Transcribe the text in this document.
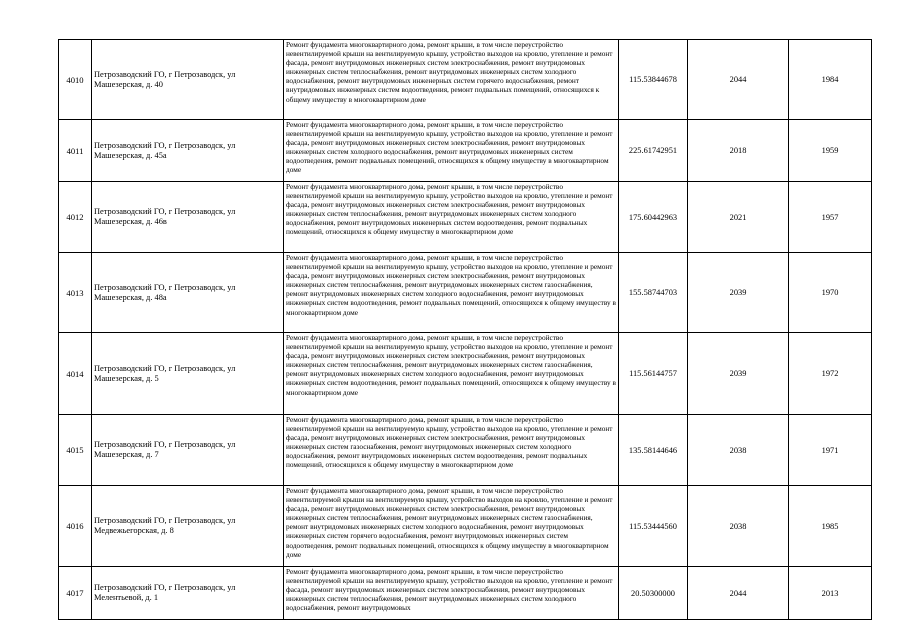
4010	Петрозаводский ГО, г Петрозаводск, ул Машезерская, д. 40	Ремонт фундамента многоквартирного дома, ремонт крыши, в том числе переустройство невентилируемой крыши на вентилируемую крышу, устройство выходов на кровлю, утепление и ремонт фасада, ремонт внутридомовых инженерных систем электроснабжения, ремонт внутридомовых инженерных систем теплоснабжения, ремонт внутридомовых инженерных систем холодного водоснабжения, ремонт внутридомовых инженерных систем горячего водоснабжения, ремонт внутридомовых инженерных систем водоотведения, ремонт подвальных помещений, относящихся к общему имуществу в многоквартирном доме	115.53844678	2044	1984
4011	Петрозаводский ГО, г Петрозаводск, ул Машезерская, д. 45а	Ремонт фундамента многоквартирного дома, ремонт крыши, в том числе переустройство невентилируемой крыши на вентилируемую крышу, устройство выходов на кровлю, утепление и ремонт фасада, ремонт внутридомовых инженерных систем электроснабжения, ремонт внутридомовых инженерных систем холодного водоснабжения, ремонт внутридомовых инженерных систем водоотведения, ремонт подвальных помещений, относящихся к общему имуществу в многоквартирном доме	225.61742951	2018	1959
4012	Петрозаводский ГО, г Петрозаводск, ул Машезерская, д. 46в	Ремонт фундамента многоквартирного дома, ремонт крыши, в том числе переустройство невентилируемой крыши на вентилируемую крышу, устройство выходов на кровлю, утепление и ремонт фасада, ремонт внутридомовых инженерных систем электроснабжения, ремонт внутридомовых инженерных систем теплоснабжения, ремонт внутридомовых инженерных систем холодного водоснабжения, ремонт внутридомовых инженерных систем водоотведения, ремонт подвальных помещений, относящихся к общему имуществу в многоквартирном доме	175.60442963	2021	1957
4013	Петрозаводский ГО, г Петрозаводск, ул Машезерская, д. 48а	Ремонт фундамента многоквартирного дома, ремонт крыши, в том числе переустройство невентилируемой крыши на вентилируемую крышу, устройство выходов на кровлю, утепление и ремонт фасада, ремонт внутридомовых инженерных систем электроснабжения, ремонт внутридомовых инженерных систем теплоснабжения, ремонт внутридомовых инженерных систем газоснабжения, ремонт внутридомовых инженерных систем холодного водоснабжения, ремонт внутридомовых инженерных систем водоотведения, ремонт подвальных помещений, относящихся к общему имуществу в многоквартирном доме	155.58744703	2039	1970
4014	Петрозаводский ГО, г Петрозаводск, ул Машезерская, д. 5	Ремонт фундамента многоквартирного дома, ремонт крыши, в том числе переустройство невентилируемой крыши на вентилируемую крышу, устройство выходов на кровлю, утепление и ремонт фасада, ремонт внутридомовых инженерных систем электроснабжения, ремонт внутридомовых инженерных систем теплоснабжения, ремонт внутридомовых инженерных систем газоснабжения, ремонт внутридомовых инженерных систем холодного водоснабжения, ремонт внутридомовых инженерных систем водоотведения, ремонт подвальных помещений, относящихся к общему имуществу в многоквартирном доме	115.56144757	2039	1972
4015	Петрозаводский ГО, г Петрозаводск, ул Машезерская, д. 7	Ремонт фундамента многоквартирного дома, ремонт крыши, в том числе переустройство невентилируемой крыши на вентилируемую крышу, устройство выходов на кровлю, утепление и ремонт фасада, ремонт внутридомовых инженерных систем электроснабжения, ремонт внутридомовых инженерных систем газоснабжения, ремонт внутридомовых инженерных систем холодного водоснабжения, ремонт внутридомовых инженерных систем водоотведения, ремонт подвальных помещений, относящихся к общему имуществу в многоквартирном доме	135.58144646	2038	1971
4016	Петрозаводский ГО, г Петрозаводск, ул Медвежьегорская, д. 8	Ремонт фундамента многоквартирного дома, ремонт крыши, в том числе переустройство невентилируемой крыши на вентилируемую крышу, устройство выходов на кровлю, утепление и ремонт фасада, ремонт внутридомовых инженерных систем электроснабжения, ремонт внутридомовых инженерных систем теплоснабжения, ремонт внутридомовых инженерных систем газоснабжения, ремонт внутридомовых инженерных систем холодного водоснабжения, ремонт внутридомовых инженерных систем горячего водоснабжения, ремонт внутридомовых инженерных систем водоотведения, ремонт подвальных помещений, относящихся к общему имуществу в многоквартирном доме	115.53444560	2038	1985
4017	Петрозаводский ГО, г Петрозаводск, ул Мелентьевой, д. 1	Ремонт фундамента многоквартирного дома, ремонт крыши, в том числе переустройство невентилируемой крыши на вентилируемую крышу, устройство выходов на кровлю, утепление и ремонт фасада, ремонт внутридомовых инженерных систем электроснабжения, ремонт внутридомовых инженерных систем теплоснабжения, ремонт внутридомовых инженерных систем холодного водоснабжения, ремонт внутридомовых	20.50300000	2044	2013
